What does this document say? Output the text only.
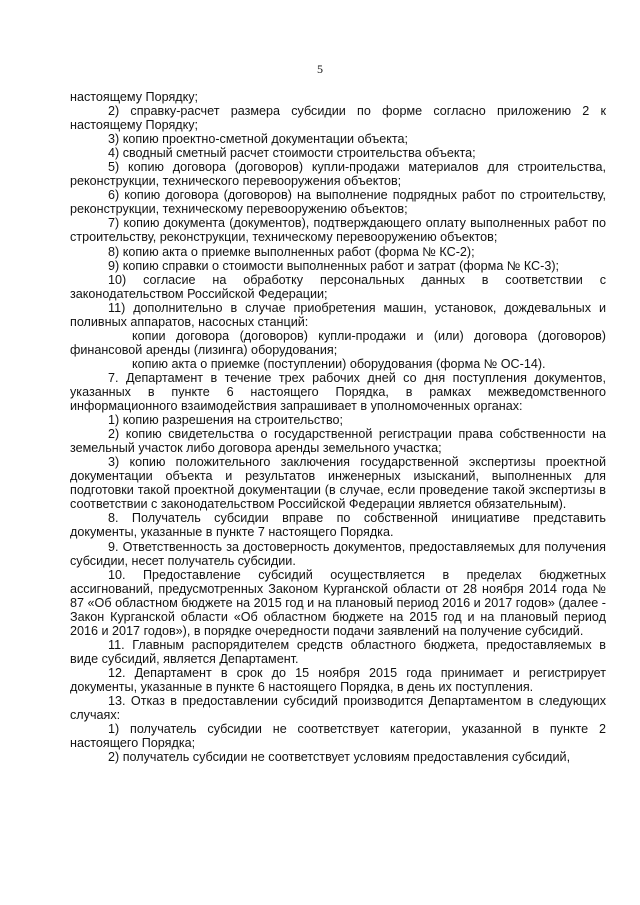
5

настоящему Порядку;

2) справку-расчет размера субсидии по форме согласно приложению 2 к настоящему Порядку;

3) копию проектно-сметной документации объекта;

4) сводный сметный расчет стоимости строительства объекта;

5) копию договора (договоров) купли-продажи материалов для строительства, реконструкции, технического перевооружения объектов;

6) копию договора (договоров) на выполнение подрядных работ по строительству, реконструкции, техническому перевооружению объектов;

7) копию документа (документов), подтверждающего оплату выполненных работ по строительству, реконструкции, техническому перевооружению объектов;

8) копию акта о приемке выполненных работ (форма № КС-2);

9) копию справки о стоимости выполненных работ и затрат (форма № КС-3);

10) согласие на обработку персональных данных в соответствии с законодательством Российской Федерации;

11) дополнительно в случае приобретения машин, установок, дождевальных и поливных аппаратов, насосных станций:

копии договора (договоров) купли-продажи и (или) договора (договоров) финансовой аренды (лизинга) оборудования;

копию акта о приемке (поступлении) оборудования (форма № ОС-14).

7. Департамент в течение трех рабочих дней со дня поступления документов, указанных в пункте 6 настоящего Порядка, в рамках межведомственного информационного взаимодействия запрашивает в уполномоченных органах:

1) копию разрешения на строительство;

2) копию свидетельства о государственной регистрации права собственности на земельный участок либо договора аренды земельного участка;

3) копию положительного заключения государственной экспертизы проектной документации объекта и результатов инженерных изысканий, выполненных для подготовки такой проектной документации (в случае, если проведение такой экспертизы в соответствии с законодательством Российской Федерации является обязательным).

8. Получатель субсидии вправе по собственной инициативе представить документы, указанные в пункте 7 настоящего Порядка.

9. Ответственность за достоверность документов, предоставляемых для получения субсидии, несет получатель субсидии.

10. Предоставление субсидий осуществляется в пределах бюджетных ассигнований, предусмотренных Законом Курганской области от 28 ноября 2014 года № 87 «Об областном бюджете на 2015 год и на плановый период 2016 и 2017 годов» (далее - Закон Курганской области «Об областном бюджете на 2015 год и на плановый период 2016 и 2017 годов»), в порядке очередности подачи заявлений на получение субсидий.

11. Главным распорядителем средств областного бюджета, предоставляемых в виде субсидий, является Департамент.

12. Департамент в срок до 15 ноября 2015 года принимает и регистрирует документы, указанные в пункте 6 настоящего Порядка, в день их поступления.

13. Отказ в предоставлении субсидий производится Департаментом в следующих случаях:

1) получатель субсидии не соответствует категории, указанной в пункте 2 настоящего Порядка;

2) получатель субсидии не соответствует условиям предоставления субсидий,
